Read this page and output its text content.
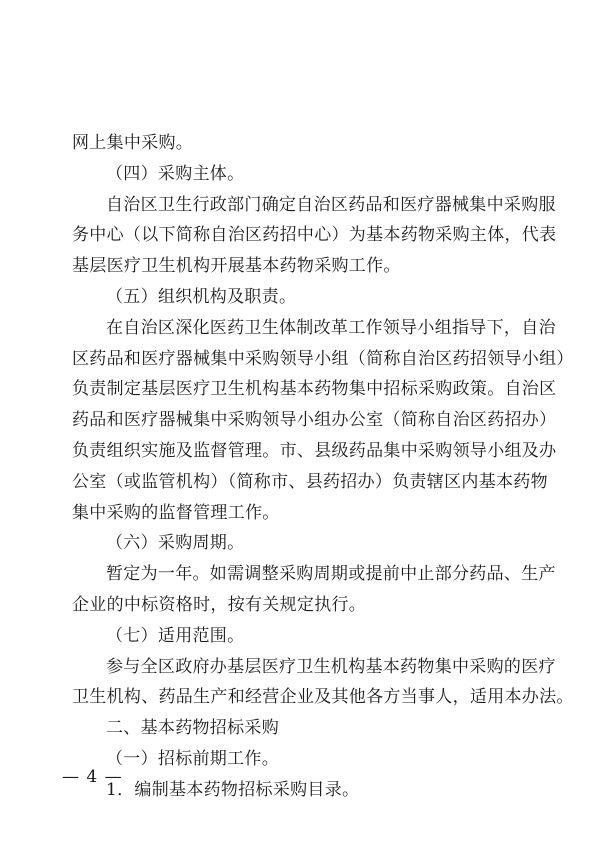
网上集中采购。
（四）采购主体。
自治区卫生行政部门确定自治区药品和医疗器械集中采购服
务中心（以下简称自治区药招中心）为基本药物采购主体，代表
基层医疗卫生机构开展基本药物采购工作。
（五）组织机构及职责。
在自治区深化医药卫生体制改革工作领导小组指导下，自治
区药品和医疗器械集中采购领导小组（简称自治区药招领导小组）
负责制定基层医疗卫生机构基本药物集中招标采购政策。自治区
药品和医疗器械集中采购领导小组办公室（简称自治区药招办）
负责组织实施及监督管理。市、县级药品集中采购领导小组及办
公室（或监管机构）（简称市、县药招办）负责辖区内基本药物
集中采购的监督管理工作。
（六）采购周期。
暂定为一年。如需调整采购周期或提前中止部分药品、生产
企业的中标资格时，按有关规定执行。
（七）适用范围。
参与全区政府办基层医疗卫生机构基本药物集中采购的医疗
卫生机构、药品生产和经营企业及其他各方当事人，适用本办法。
二、基本药物招标采购
（一）招标前期工作。
1．编制基本药物招标采购目录。
— 4 —
